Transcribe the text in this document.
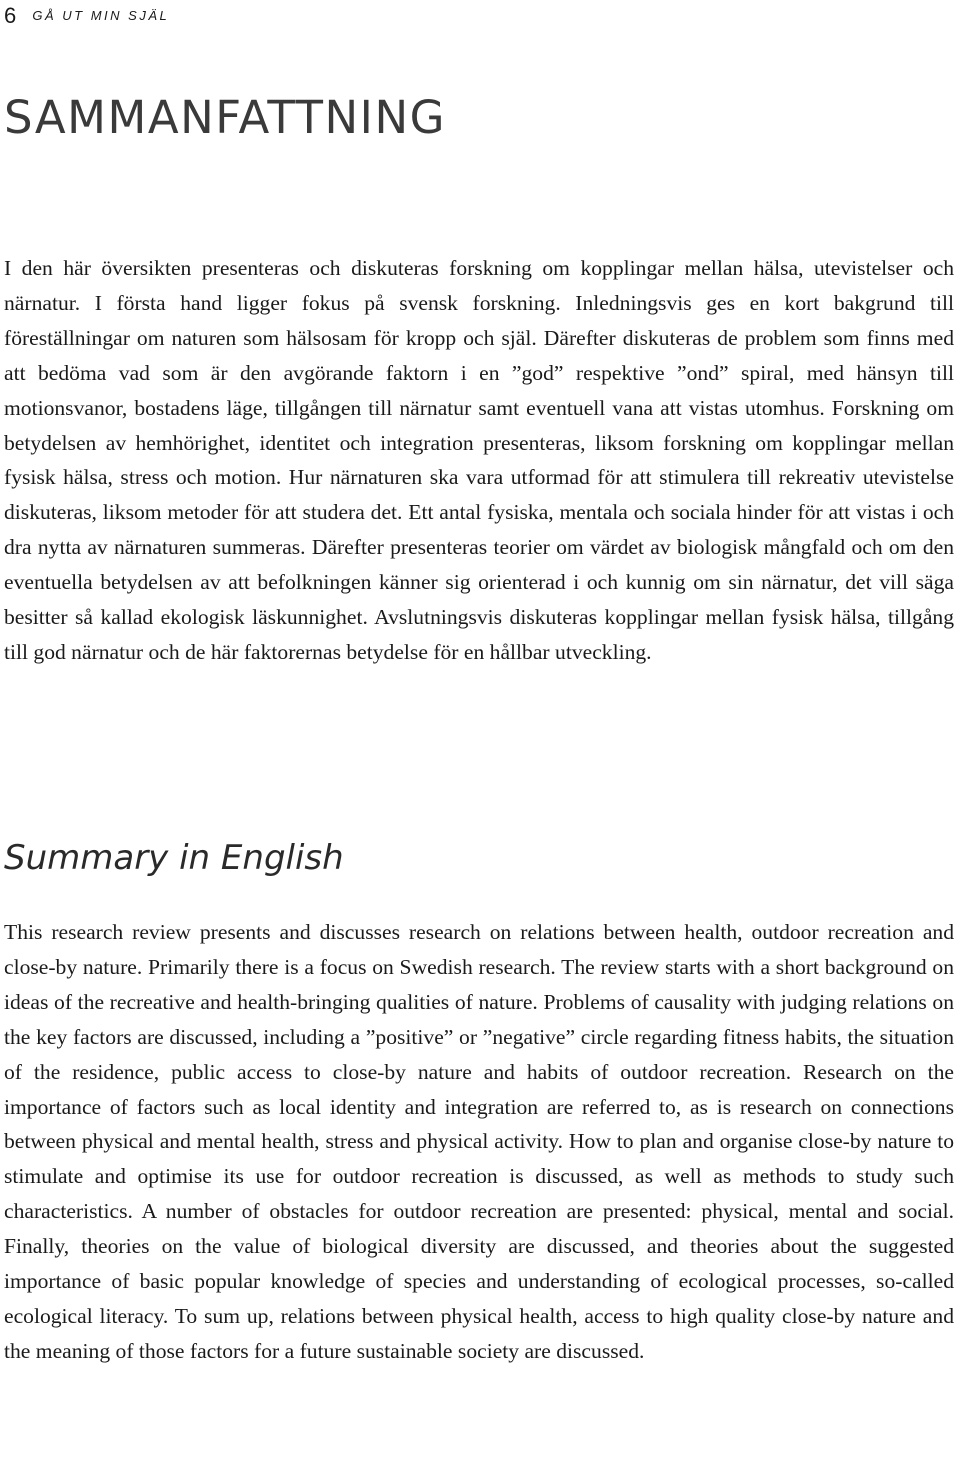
6 GÅ UT MIN SJÄL
SAMMANFATTNING

I den här översikten presenteras och diskuteras forskning om kopplingar mellan hälsa, utevistelser och närnatur. I första hand ligger fokus på svensk forskning. Inledningsvis ges en kort bakgrund till föreställningar om naturen som hälsosam för kropp och själ. Därefter diskuteras de problem som finns med att bedöma vad som är den avgörande faktorn i en ”god” respektive ”ond” spiral, med hänsyn till motionsvanor, bostadens läge, tillgången till närnatur samt eventuell vana att vistas utomhus. Forskning om betydelsen av hemhörighet, identitet och integration presenteras, liksom forskning om kopplingar mellan fysisk hälsa, stress och motion. Hur närnaturen ska vara utformad för att stimulera till rekreativ utevistelse diskuteras, liksom metoder för att studera det. Ett antal fysiska, mentala och sociala hinder för att vistas i och dra nytta av närnaturen summeras. Därefter presenteras teorier om värdet av biologisk mångfald och om den eventuella betydelsen av att befolkningen känner sig orienterad i och kunnig om sin närnatur, det vill säga besitter så kallad ekologisk läskunnighet. Avslutningsvis diskuteras kopplingar mellan fysisk hälsa, tillgång till god närnatur och de här faktorernas betydelse för en hållbar utveckling.

Summary in English

This research review presents and discusses research on relations between health, outdoor recreation and close-by nature. Primarily there is a focus on Swedish research. The review starts with a short background on ideas of the recreative and health-bringing qualities of nature. Problems of causality with judging relations on the key factors are discussed, including a ”positive” or ”negative” circle regarding fitness habits, the situation of the residence, public access to close-by nature and habits of outdoor recreation. Research on the importance of factors such as local identity and integration are referred to, as is research on connections between physical and mental health, stress and physical activity. How to plan and organise close-by nature to stimulate and optimise its use for outdoor recreation is discussed, as well as methods to study such characteristics. A number of obstacles for outdoor recreation are presented: physical, mental and social. Finally, theories on the value of biological diversity are discussed, and theories about the suggested importance of basic popular knowledge of species and understanding of ecological processes, so-called ecological literacy. To sum up, relations between physical health, access to high quality close-by nature and the meaning of those factors for a future sustainable society are discussed.
